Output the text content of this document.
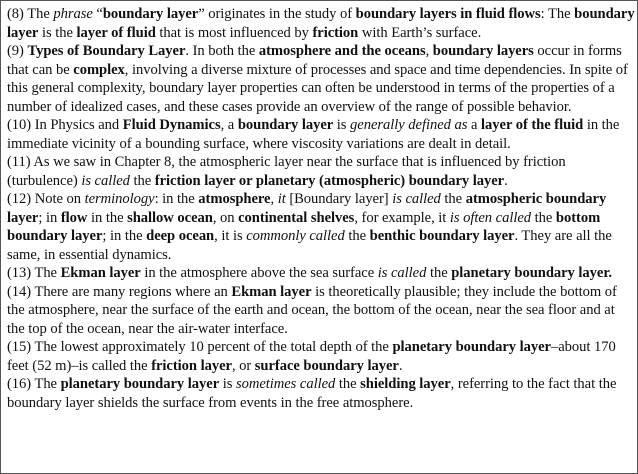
(8) The phrase “boundary layer” originates in the study of boundary layers in fluid flows: The boundary layer is the layer of fluid that is most influenced by friction with Earth’s surface.

(9) Types of Boundary Layer. In both the atmosphere and the oceans, boundary layers occur in forms that can be complex, involving a diverse mixture of processes and space and time dependencies. In spite of this general complexity, boundary layer properties can often be understood in terms of the properties of a number of idealized cases, and these cases provide an overview of the range of possible behavior.

(10) In Physics and Fluid Dynamics, a boundary layer is generally defined as a layer of the fluid in the immediate vicinity of a bounding surface, where viscosity variations are dealt in detail.

(11) As we saw in Chapter 8, the atmospheric layer near the surface that is influenced by friction (turbulence) is called the friction layer or planetary (atmospheric) boundary layer.

(12) Note on terminology: in the atmosphere, it [Boundary layer] is called the atmospheric boundary layer; in flow in the shallow ocean, on continental shelves, for example, it is often called the bottom boundary layer; in the deep ocean, it is commonly called the benthic boundary layer. They are all the same, in essential dynamics.

(13) The Ekman layer in the atmosphere above the sea surface is called the planetary boundary layer.

(14) There are many regions where an Ekman layer is theoretically plausible; they include the bottom of the atmosphere, near the surface of the earth and ocean, the bottom of the ocean, near the sea floor and at the top of the ocean, near the air-water interface.

(15) The lowest approximately 10 percent of the total depth of the planetary boundary layer–about 170 feet (52 m)–is called the friction layer, or surface boundary layer.

(16) The planetary boundary layer is sometimes called the shielding layer, referring to the fact that the boundary layer shields the surface from events in the free atmosphere.
